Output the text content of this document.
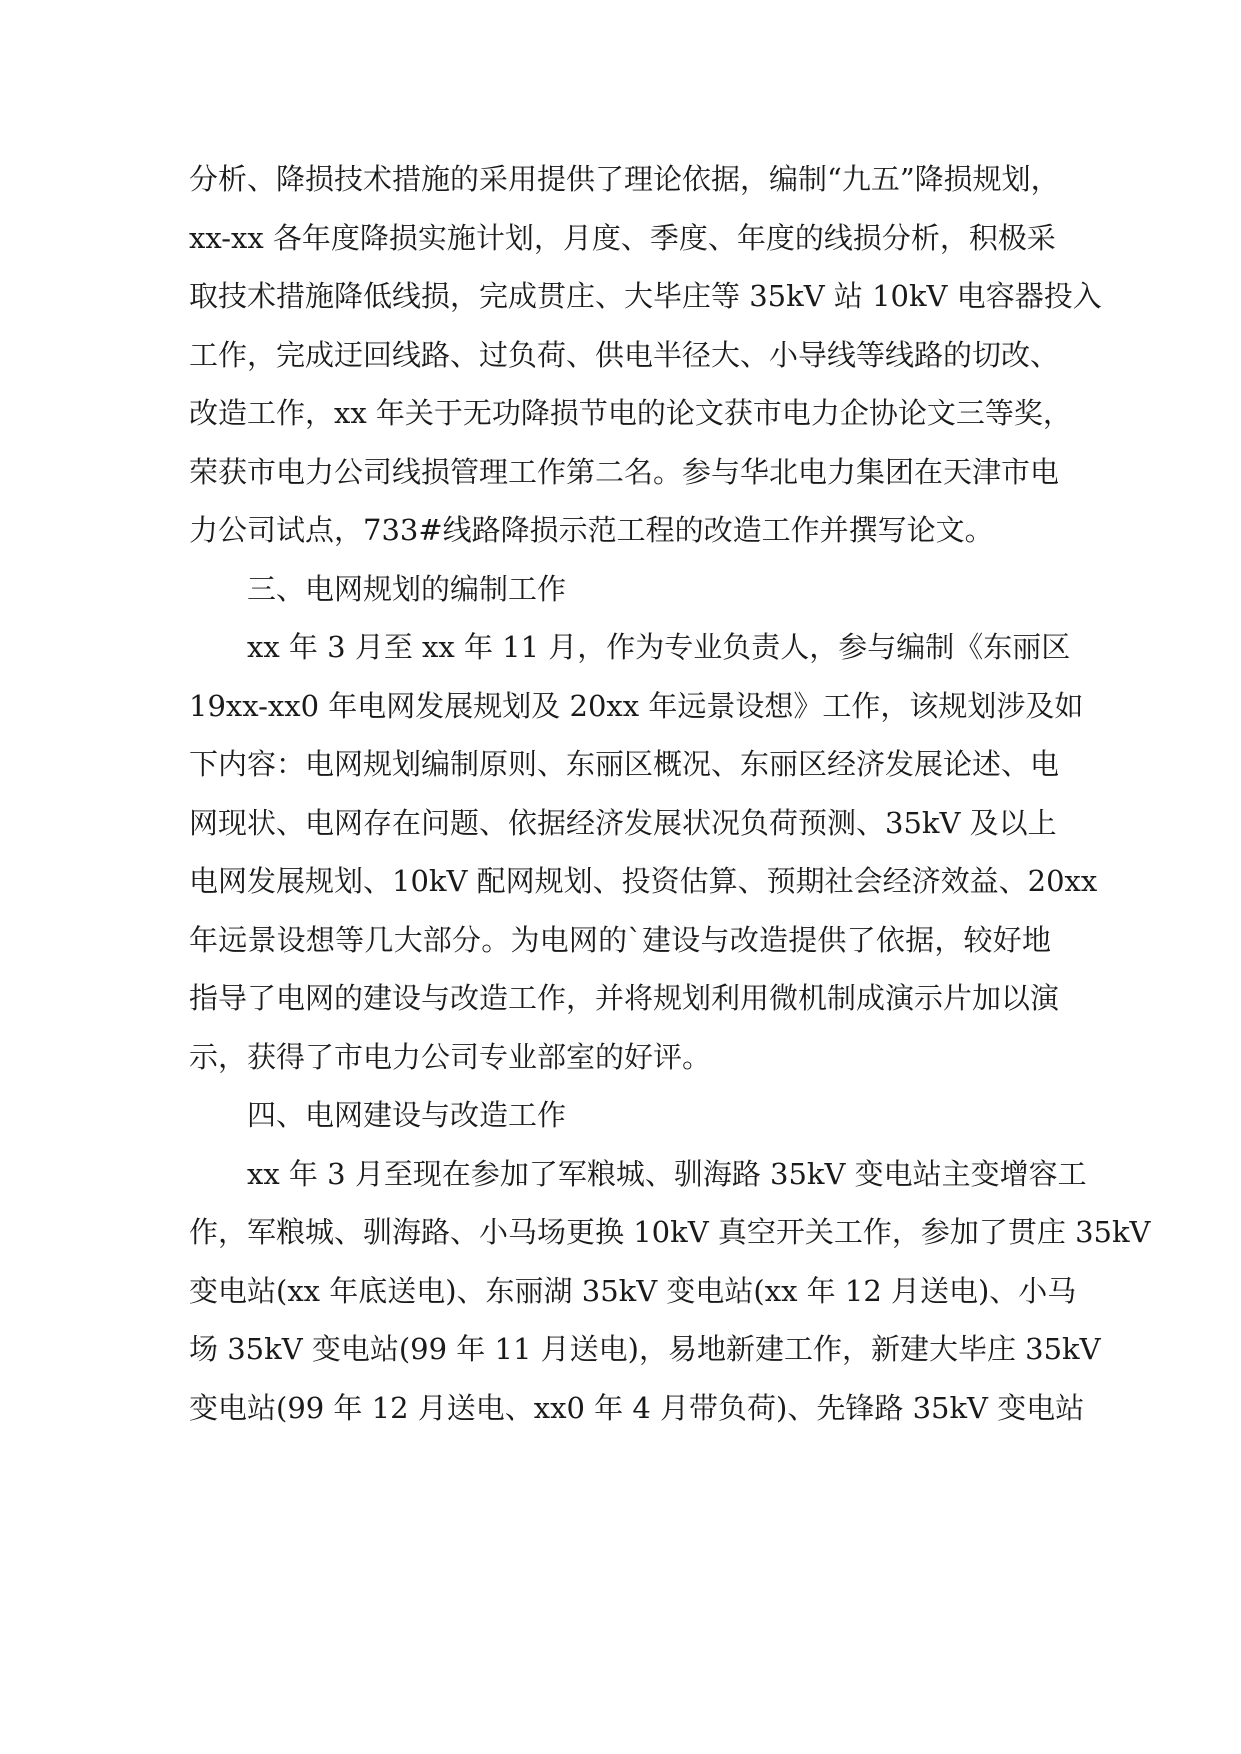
分析、降损技术措施的采用提供了理论依据，编制“九五”降损规划，
xx-xx 各年度降损实施计划，月度、季度、年度的线损分析，积极采
取技术措施降低线损，完成贯庄、大毕庄等 35kV 站 10kV 电容器投入
工作，完成迂回线路、过负荷、供电半径大、小导线等线路的切改、
改造工作，xx 年关于无功降损节电的论文获市电力企协论文三等奖，
荣获市电力公司线损管理工作第二名。参与华北电力集团在天津市电
力公司试点，733#线路降损示范工程的改造工作并撰写论文。
三、电网规划的编制工作
xx 年 3 月至 xx 年 11 月，作为专业负责人，参与编制《东丽区
19xx-xx0 年电网发展规划及 20xx 年远景设想》工作，该规划涉及如
下内容：电网规划编制原则、东丽区概况、东丽区经济发展论述、电
网现状、电网存在问题、依据经济发展状况负荷预测、35kV 及以上
电网发展规划、10kV 配网规划、投资估算、预期社会经济效益、20xx
年远景设想等几大部分。为电网的`建设与改造提供了依据，较好地
指导了电网的建设与改造工作，并将规划利用微机制成演示片加以演
示，获得了市电力公司专业部室的好评。
四、电网建设与改造工作
xx 年 3 月至现在参加了军粮城、驯海路 35kV 变电站主变增容工
作，军粮城、驯海路、小马场更换 10kV 真空开关工作，参加了贯庄 35kV
变电站(xx 年底送电)、东丽湖 35kV 变电站(xx 年 12 月送电)、小马
场 35kV 变电站(99 年 11 月送电)，易地新建工作，新建大毕庄 35kV
变电站(99 年 12 月送电、xx0 年 4 月带负荷)、先锋路 35kV 变电站
